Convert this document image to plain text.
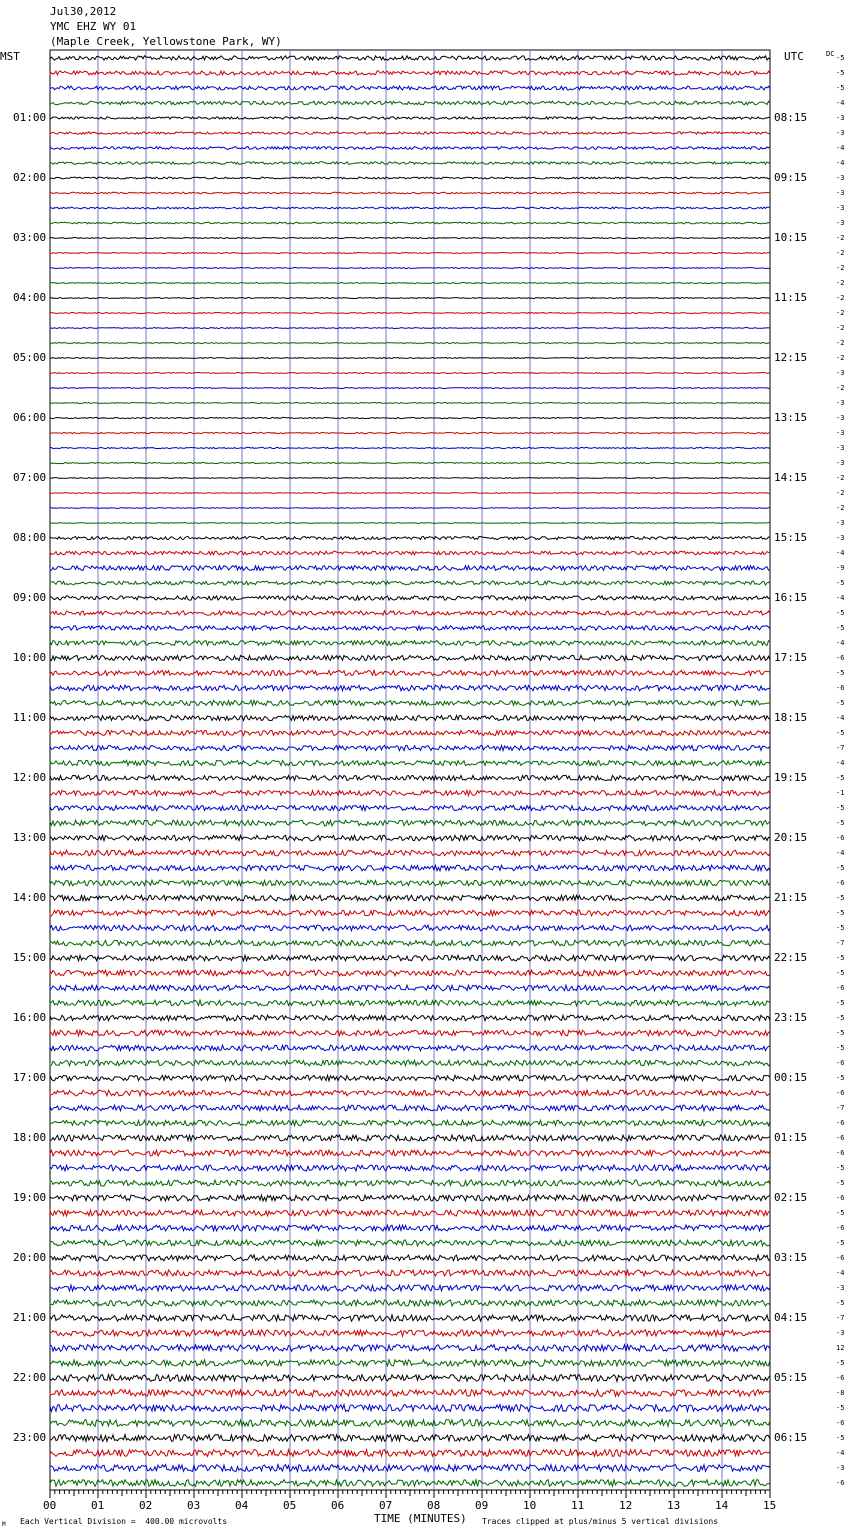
Jul30,2012
YMC EHZ WY 01
(Maple Creek, Yellowstone Park, WY)
MST	UTC	DC
01:00
02:00
03:00
04:00
05:00
06:00
07:00
08:00
09:00
10:00
11:00
12:00
13:00
14:00
15:00
16:00
17:00
18:00
19:00
20:00
21:00
22:00
23:00
08:15
09:15
10:15
11:15
12:15
13:15
14:15
15:15
16:15
17:15
18:15
19:15
20:15
21:15
22:15
23:15
00:15
01:15
02:15
03:15
04:15
05:15
06:15
-5
-5
-5
-4
-3
-3
-4
-4
-3
-3
-3
-3
-2
-2
-2
-2
-2
-2
-2
-2
-2
-3
-2
-3
-3
-3
-3
-3
-2
-2
-2
-3
-3
-4
-9
-5
-4
-5
-5
-4
-6
-5
-6
-5
-4
-5
-7
-4
-5
-1
-5
-5
-6
-4
-5
-6
-5
-5
-5
-7
-5
-5
-6
-5
-5
-5
-5
-6
-5
-6
-7
-6
-6
-6
-5
-5
-6
-5
-6
-5
-6
-4
-3
-5
-7
-3
12
-5
-6
-8
-5
-6
-5
-4
-3
-6
00	01	02	03	04	05	06	07	08	09	10	11	12	13	14	15
TIME (MINUTES)
Each Vertical Division =  400.00 microvolts	Traces clipped at plus/minus 5 vertical divisions
M
